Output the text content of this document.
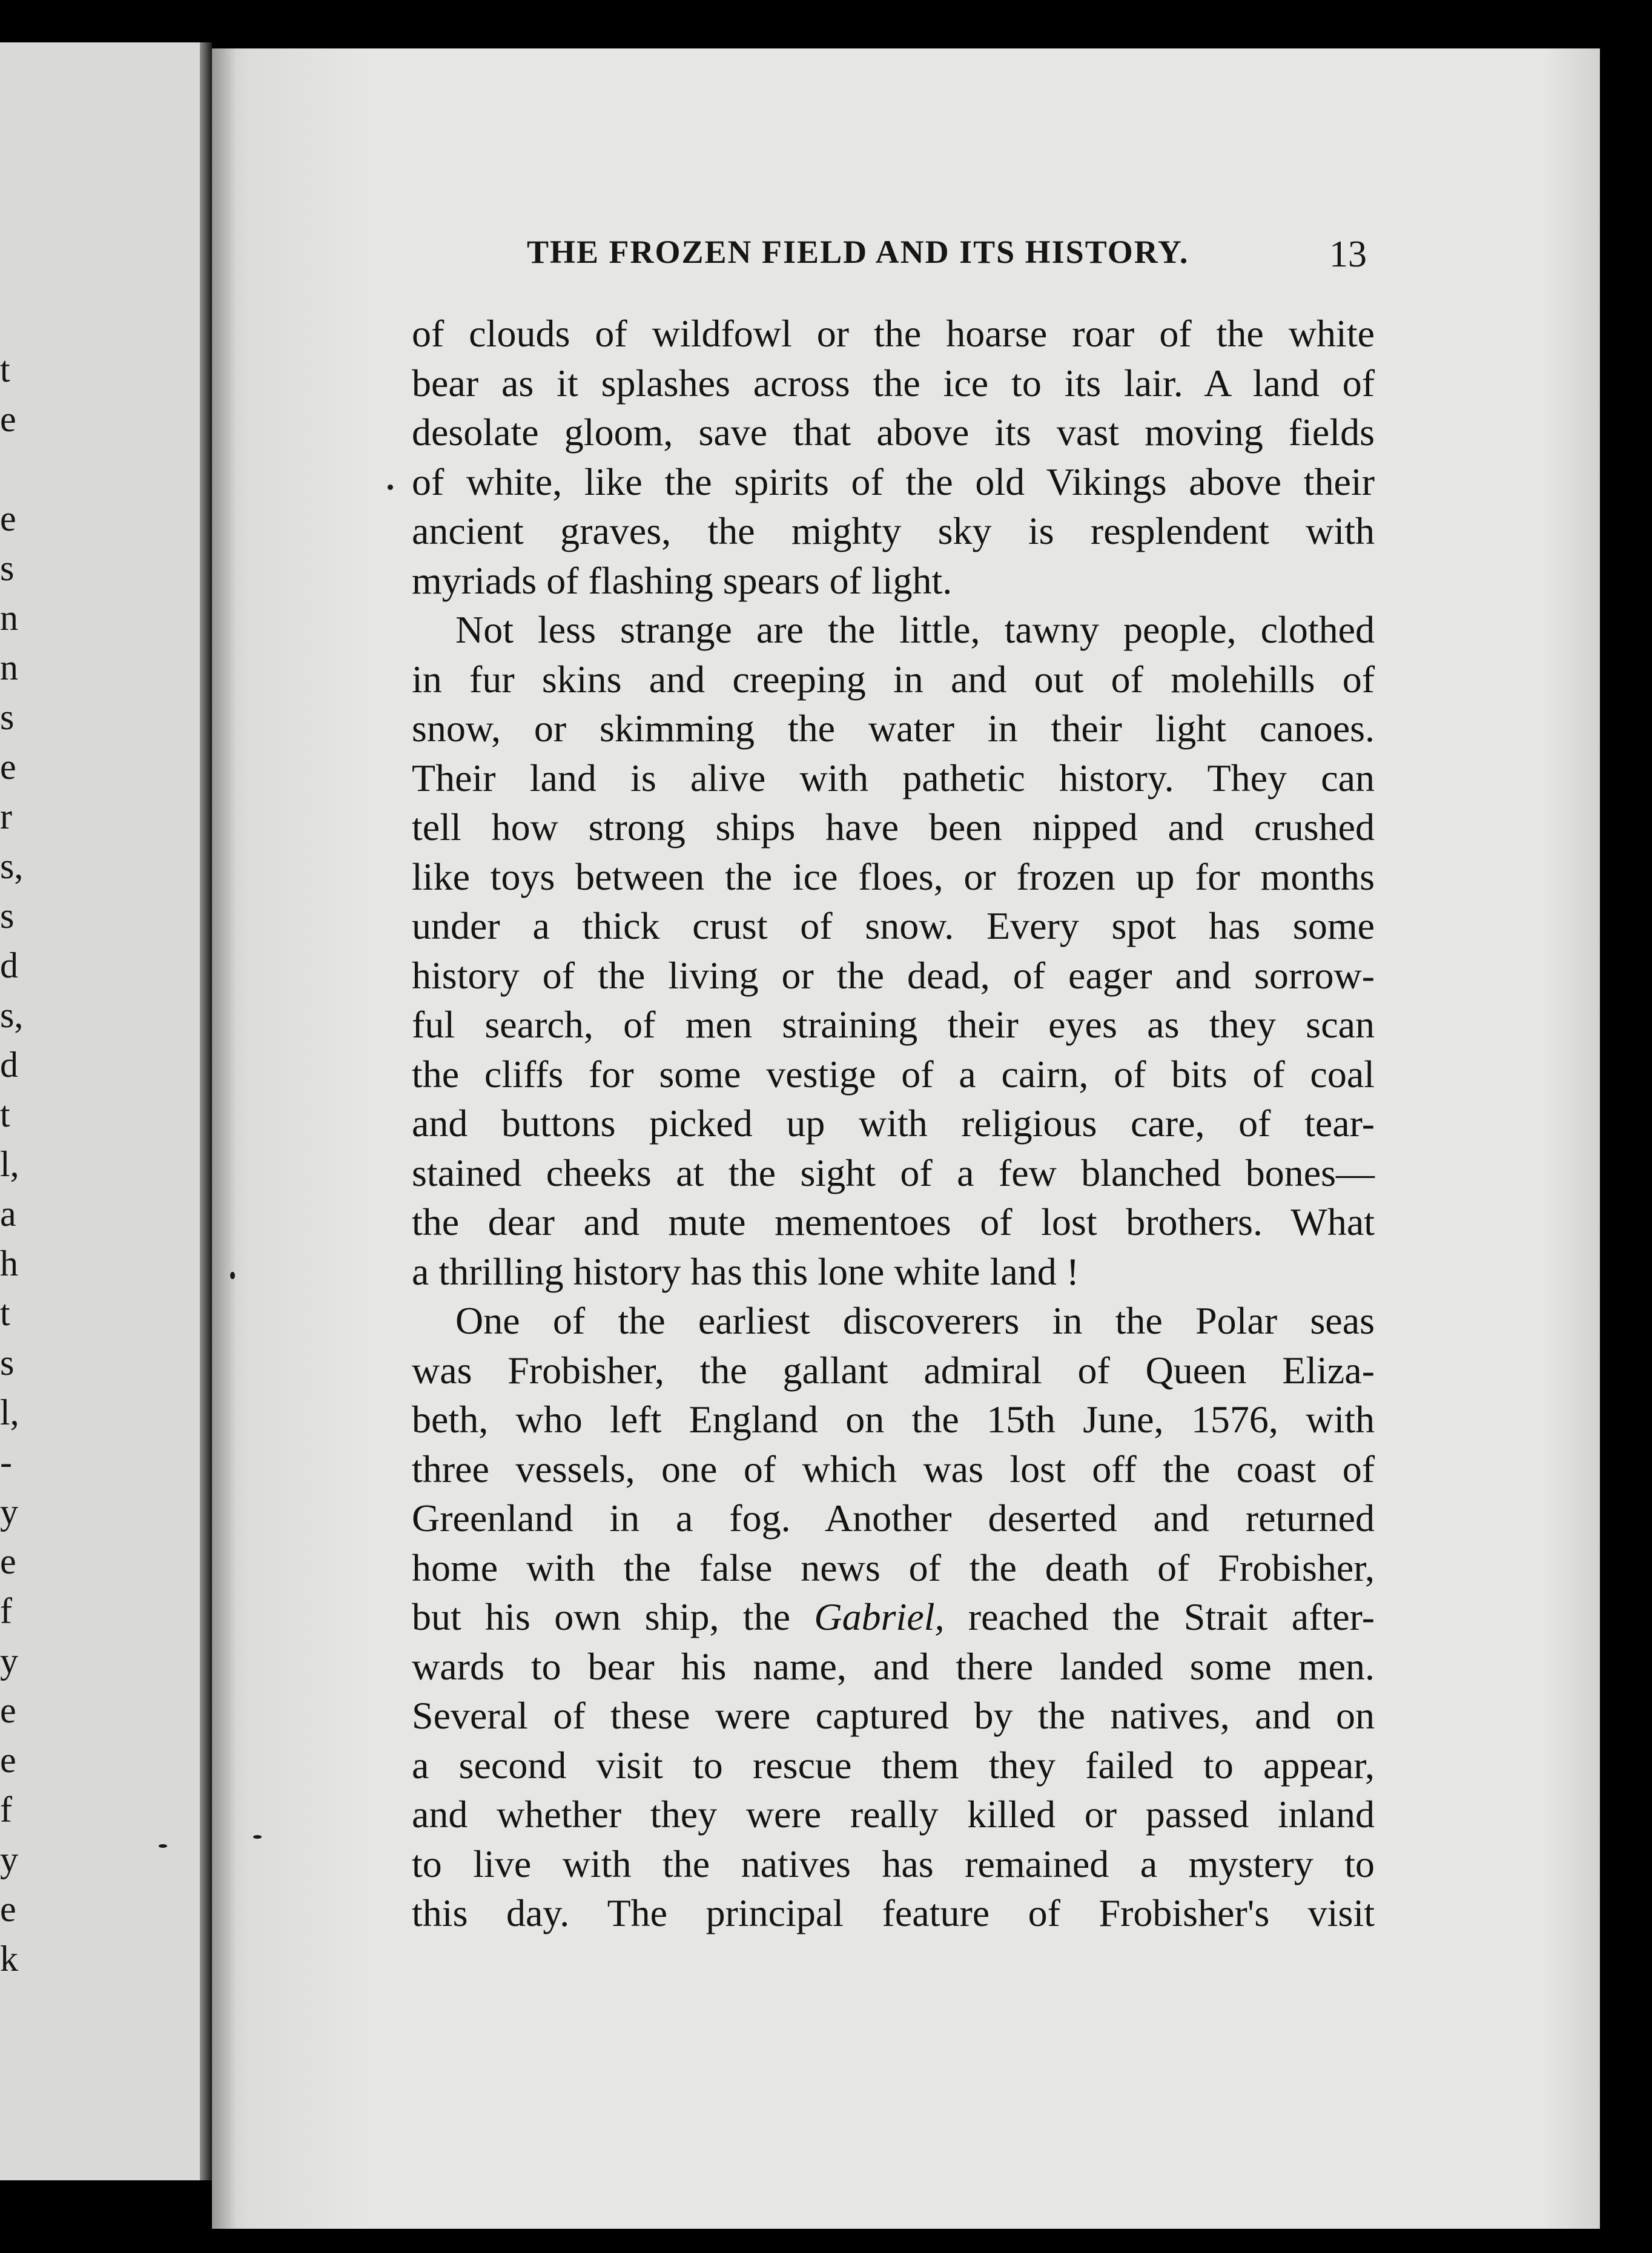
t
e
e
s
n
n
s
e
r
s,
s
d
s,
d
t
l,
a
h
t
s
l,
-
y
e
f
y
e
e
f
y
e
k
THE FROZEN FIELD AND ITS HISTORY.	13
of clouds of wildfowl or the hoarse roar of the white
bear as it splashes across the ice to its lair. A land of
desolate gloom, save that above its vast moving fields
of white, like the spirits of the old Vikings above their
ancient graves, the mighty sky is resplendent with
myriads of flashing spears of light.
Not less strange are the little, tawny people, clothed
in fur skins and creeping in and out of molehills of
snow, or skimming the water in their light canoes.
Their land is alive with pathetic history. They can
tell how strong ships have been nipped and crushed
like toys between the ice floes, or frozen up for months
under a thick crust of snow. Every spot has some
history of the living or the dead, of eager and sorrow-
ful search, of men straining their eyes as they scan
the cliffs for some vestige of a cairn, of bits of coal
and buttons picked up with religious care, of tear-
stained cheeks at the sight of a few blanched bones—
the dear and mute mementoes of lost brothers. What
a thrilling history has this lone white land !
One of the earliest discoverers in the Polar seas
was Frobisher, the gallant admiral of Queen Eliza-
beth, who left England on the 15th June, 1576, with
three vessels, one of which was lost off the coast of
Greenland in a fog. Another deserted and returned
home with the false news of the death of Frobisher,
but his own ship, the Gabriel, reached the Strait after-
wards to bear his name, and there landed some men.
Several of these were captured by the natives, and on
a second visit to rescue them they failed to appear,
and whether they were really killed or passed inland
to live with the natives has remained a mystery to
this day. The principal feature of Frobisher's visit
